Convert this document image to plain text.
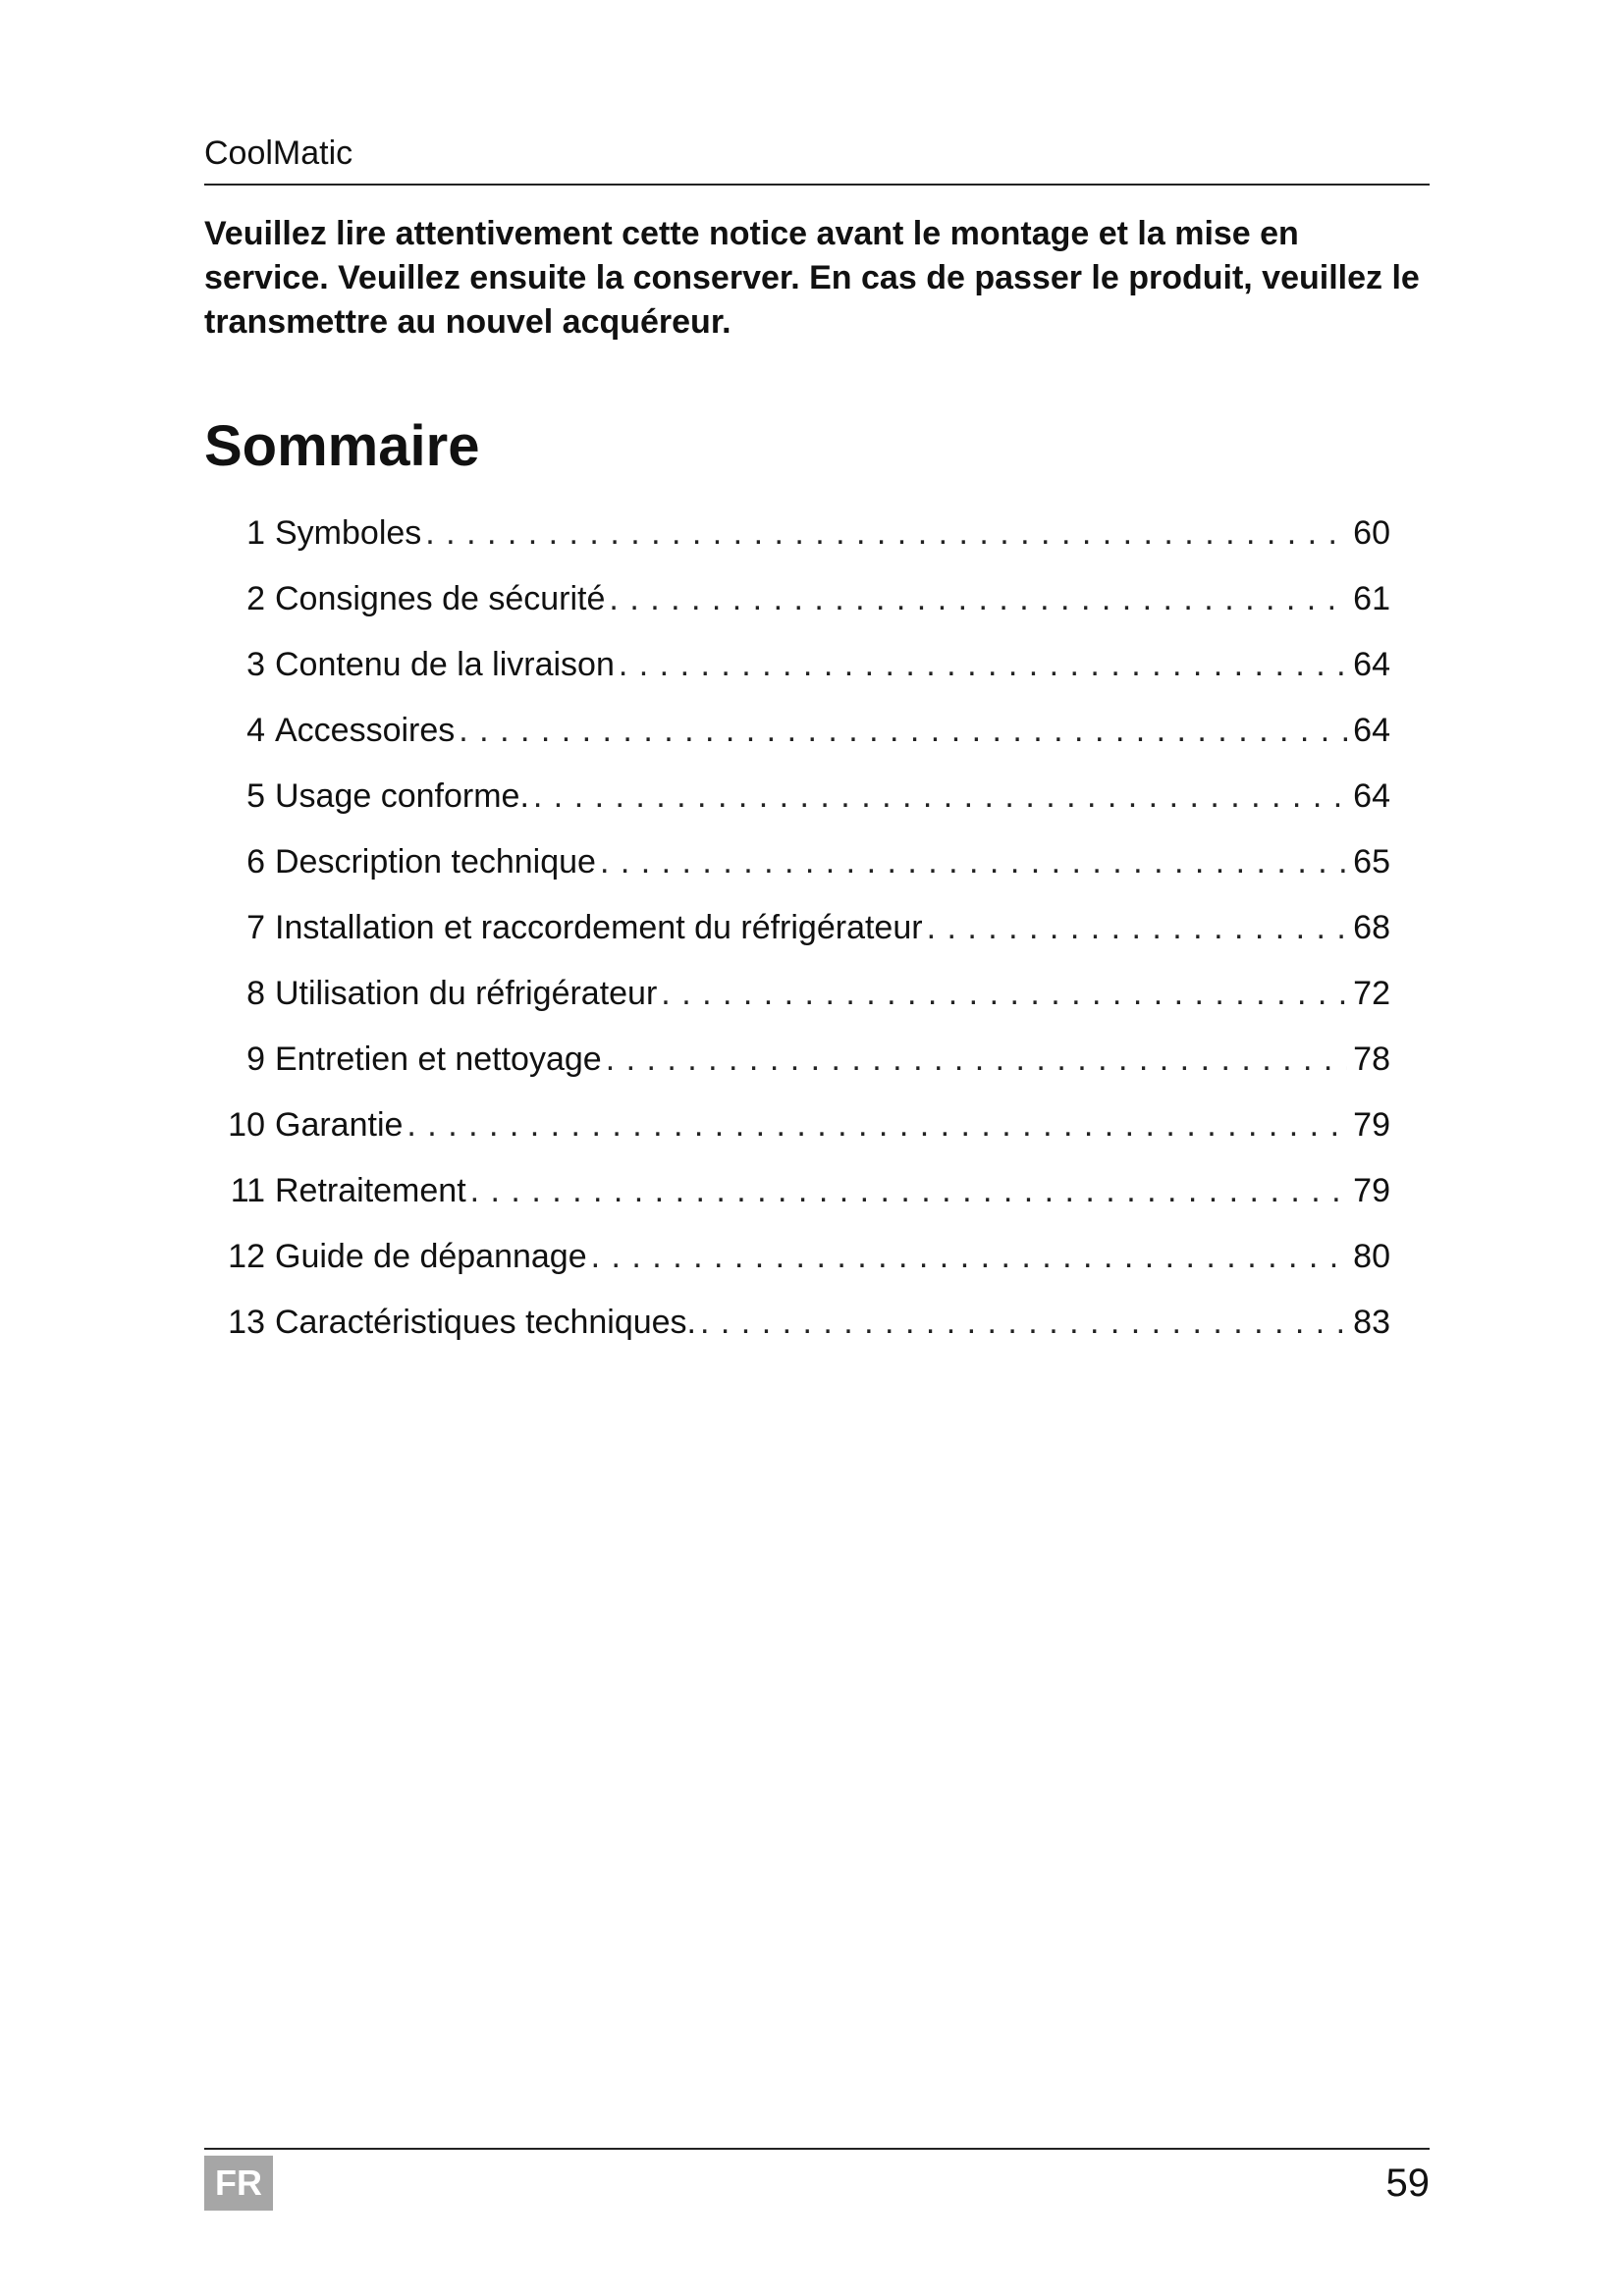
CoolMatic

Veuillez lire attentivement cette notice avant le montage et la mise en service. Veuillez ensuite la conserver. En cas de passer le produit, veuillez le transmettre au nouvel acquéreur.

Sommaire
1 Symboles . . .	60
2 Consignes de sécurité . . .	61
3 Contenu de la livraison . . .	64
4 Accessoires . . .	64
5 Usage conforme. . . .	64
6 Description technique . . .	65
7 Installation et raccordement du réfrigérateur . . .	68
8 Utilisation du réfrigérateur . . .	72
9 Entretien et nettoyage . . .	78
10 Garantie . . .	79
11 Retraitement . . .	79
12 Guide de dépannage . . .	80
13 Caractéristiques techniques. . . .	83
FR	59
